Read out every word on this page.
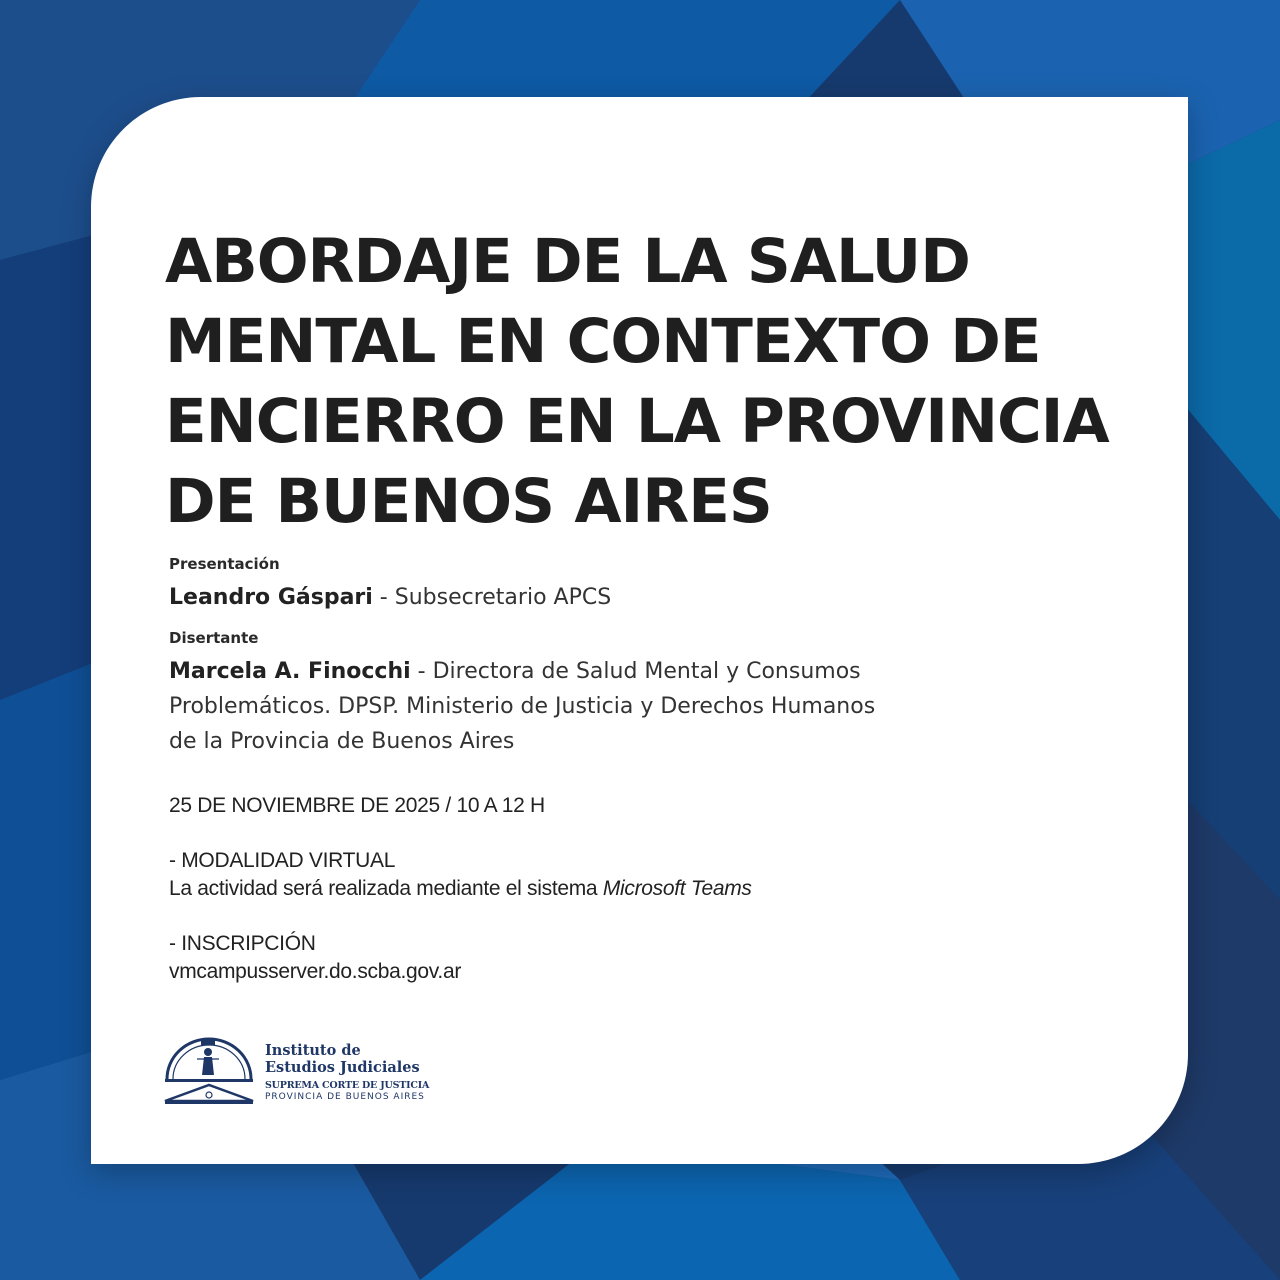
ABORDAJE DE LA SALUD
MENTAL EN CONTEXTO DE
ENCIERRO EN LA PROVINCIA
DE BUENOS AIRES
Presentación
Leandro Gáspari - Subsecretario APCS
Disertante
Marcela A. Finocchi - Directora de Salud Mental y Consumos
Problemáticos. DPSP. Ministerio de Justicia y Derechos Humanos
de la Provincia de Buenos Aires
25 DE NOVIEMBRE DE 2025 / 10 A 12 H
- MODALIDAD VIRTUAL
La actividad será realizada mediante el sistema Microsoft Teams
- INSCRIPCIÓN
vmcampusserver.do.scba.gov.ar
Instituto de
Estudios Judiciales
SUPREMA CORTE DE JUSTICIA
PROVINCIA DE BUENOS AIRES
